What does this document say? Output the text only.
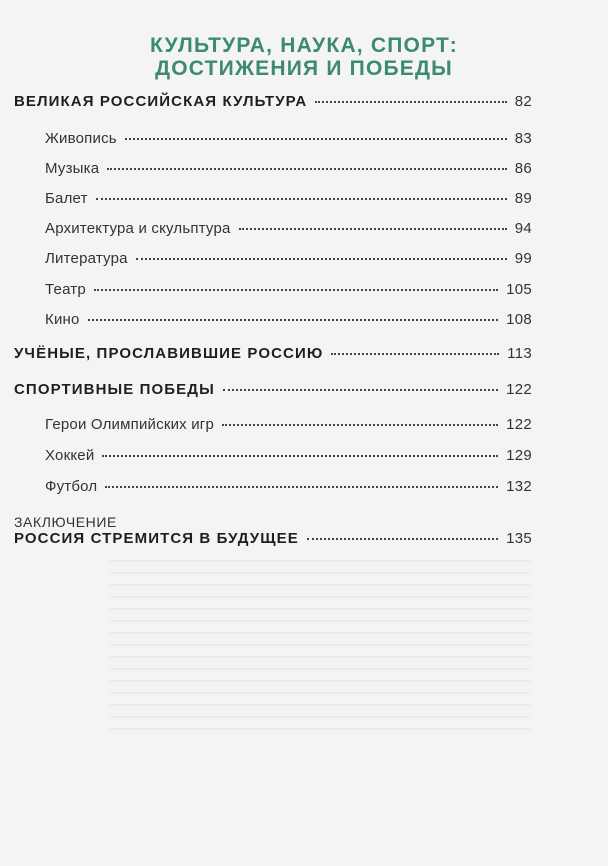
КУЛЬТУРА, НАУКА, СПОРТ:
ДОСТИЖЕНИЯ И ПОБЕДЫ
ВЕЛИКАЯ РОССИЙСКАЯ КУЛЬТУРА	82
Живопись	83
Музыка	86
Балет	89
Архитектура и скульптура	94
Литература	99
Театр	105
Кино	108
УЧЁНЫЕ, ПРОСЛАВИВШИЕ РОССИЮ	113
СПОРТИВНЫЕ ПОБЕДЫ	122
Герои Олимпийских игр	122
Хоккей	129
Футбол	132
ЗАКЛЮЧЕНИЕ
РОССИЯ СТРЕМИТСЯ В БУДУЩЕЕ	135
